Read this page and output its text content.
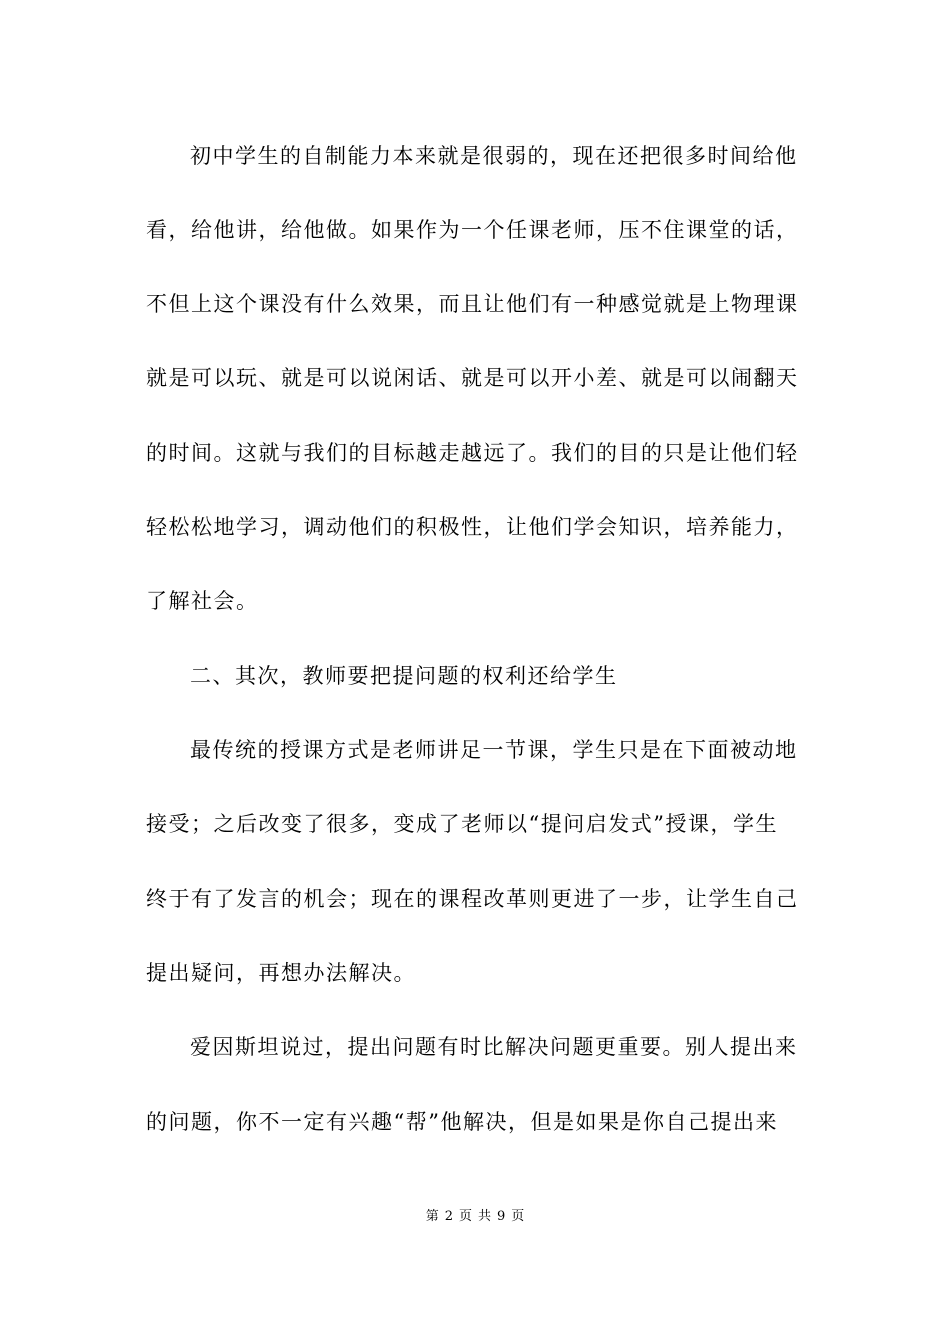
初中学生的自制能力本来就是很弱的，现在还把很多时间给他

看，给他讲，给他做。如果作为一个任课老师，压不住课堂的话，

不但上这个课没有什么效果，而且让他们有一种感觉就是上物理课

就是可以玩、就是可以说闲话、就是可以开小差、就是可以闹翻天

的时间。这就与我们的目标越走越远了。我们的目的只是让他们轻

轻松松地学习，调动他们的积极性，让他们学会知识，培养能力，

了解社会。

二、其次，教师要把提问题的权利还给学生

最传统的授课方式是老师讲足一节课，学生只是在下面被动地

接受；之后改变了很多，变成了老师以“提问启发式”授课，学生

终于有了发言的机会；现在的课程改革则更进了一步，让学生自己

提出疑问，再想办法解决。

爱因斯坦说过，提出问题有时比解决问题更重要。别人提出来

的问题，你不一定有兴趣“帮”他解决，但是如果是你自己提出来

第 2 页 共 9 页
